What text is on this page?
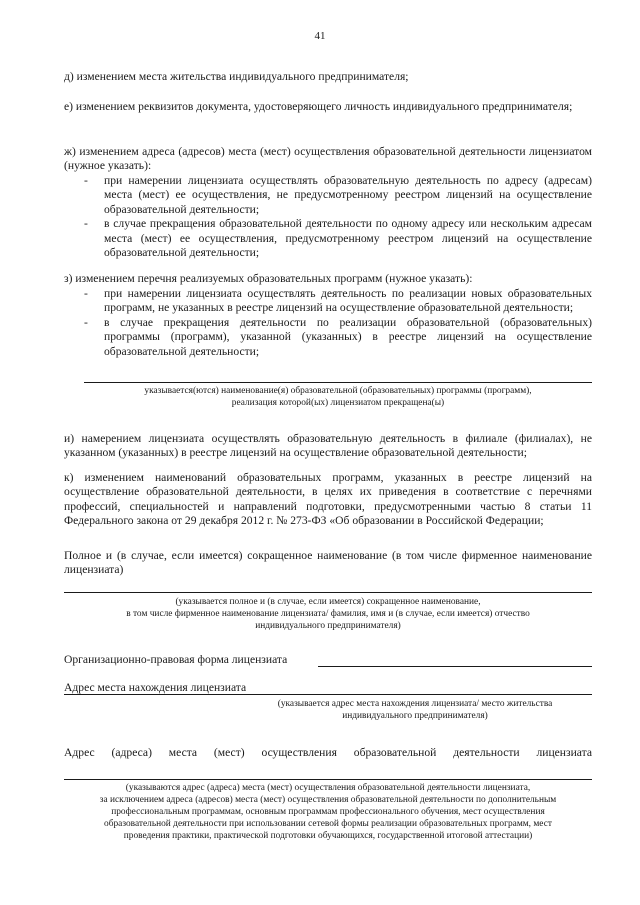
41

д) изменением места жительства индивидуального предпринимателя;

е) изменением реквизитов документа, удостоверяющего личность индивидуального предпринимателя;

ж) изменением адреса (адресов) места (мест) осуществления образовательной деятельности лицензиатом (нужное указать):

- при намерении лицензиата осуществлять образовательную деятельность по адресу (адресам) места (мест) ее осуществления, не предусмотренному реестром лицензий на осуществление образовательной деятельности;
- в случае прекращения образовательной деятельности по одному адресу или нескольким адресам места (мест) ее осуществления, предусмотренному реестром лицензий на осуществление образовательной деятельности;

з) изменением перечня реализуемых образовательных программ (нужное указать):

- при намерении лицензиата осуществлять деятельность по реализации новых образовательных программ, не указанных в реестре лицензий на осуществление образовательной деятельности;
- в случае прекращения деятельности по реализации образовательной (образовательных) программы (программ), указанной (указанных) в реестре лицензий на осуществление образовательной деятельности;
указывается(ются) наименование(я) образовательной (образовательных) программы (программ),
реализация которой(ых) лицензиатом прекращена(ы)

и) намерением лицензиата осуществлять образовательную деятельность в филиале (филиалах), не указанном (указанных) в реестре лицензий на осуществление образовательной деятельности;

к) изменением наименований образовательных программ, указанных в реестре лицензий на осуществление образовательной деятельности, в целях их приведения в соответствие с перечнями профессий, специальностей и направлений подготовки, предусмотренными частью 8 статьи 11 Федерального закона от 29 декабря 2012 г. № 273-ФЗ «Об образовании в Российской Федерации;

Полное и (в случае, если имеется) сокращенное наименование (в том числе фирменное наименование лицензиата)

(указывается полное и (в случае, если имеется) сокращенное наименование,
в том числе фирменное наименование лицензиата/ фамилия, имя и (в случае, если имеется) отчество
индивидуального предпринимателя)
Организационно-правовая форма лицензиата
Адрес места нахождения лицензиата
(указывается адрес места нахождения лицензиата/ место жительства
индивидуального предпринимателя)

Адрес (адреса) места (мест) осуществления образовательной деятельности лицензиата

(указываются адрес (адреса) места (мест) осуществления образовательной деятельности лицензиата,
за исключением адреса (адресов) места (мест) осуществления образовательной деятельности по дополнительным
профессиональным программам, основным программам профессионального обучения, мест осуществления
образовательной деятельности при использовании сетевой формы реализации образовательных программ, мест
проведения практики, практической подготовки обучающихся, государственной итоговой аттестации)
